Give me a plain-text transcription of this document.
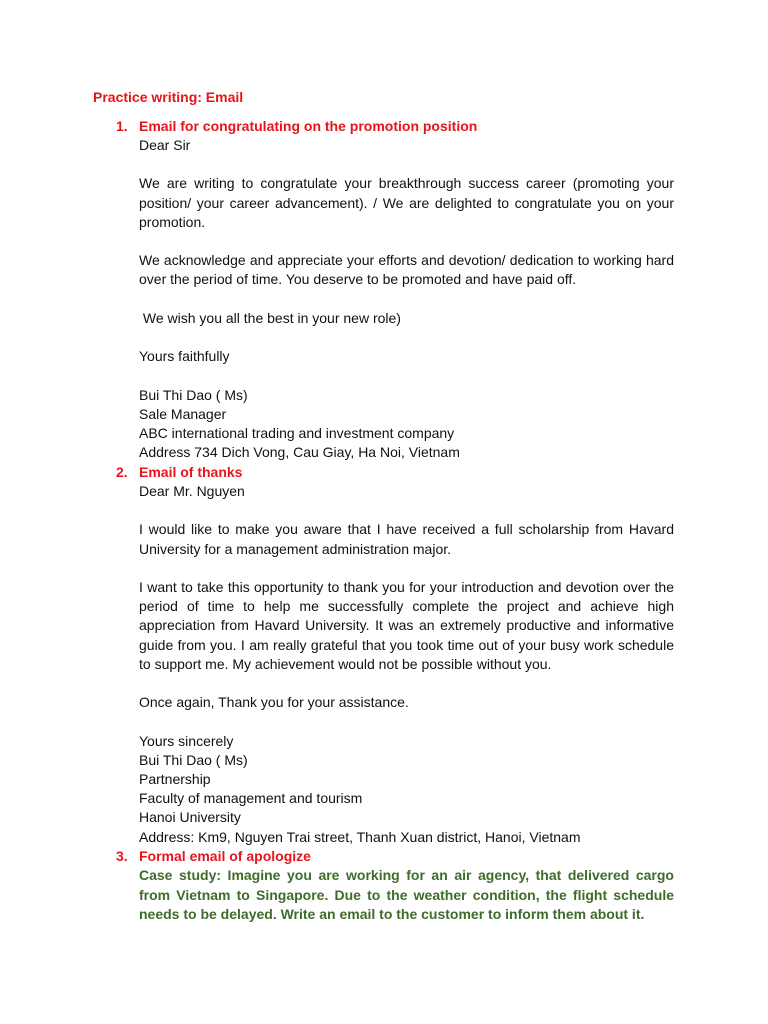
Practice writing: Email
1. Email for congratulating on the promotion position
Dear Sir
We are writing to congratulate your breakthrough success career (promoting your position/ your career advancement). / We are delighted to congratulate you on your promotion.
We acknowledge and appreciate your efforts and devotion/ dedication to working hard over the period of time. You deserve to be promoted and have paid off.
We wish you all the best in your new role)
Yours faithfully
Bui Thi Dao ( Ms)
Sale Manager
ABC international trading and investment company
Address 734 Dich Vong, Cau Giay, Ha Noi, Vietnam
2. Email of thanks
Dear Mr. Nguyen
I would like to make you aware that I have received a full scholarship from Havard University for a management administration major.
I want to take this opportunity to thank you for your introduction and devotion over the period of time to help me successfully complete the project and achieve high appreciation from Havard University. It was an extremely productive and informative guide from you. I am really grateful that you took time out of your busy work schedule to support me. My achievement would not be possible without you.
Once again, Thank you for your assistance.
Yours sincerely
Bui Thi Dao ( Ms)
Partnership
Faculty of management and tourism
Hanoi University
Address: Km9, Nguyen Trai street, Thanh Xuan district, Hanoi, Vietnam
3. Formal email of apologize
Case study: Imagine you are working for an air agency, that delivered cargo from Vietnam to Singapore. Due to the weather condition, the flight schedule needs to be delayed. Write an email to the customer to inform them about it.
